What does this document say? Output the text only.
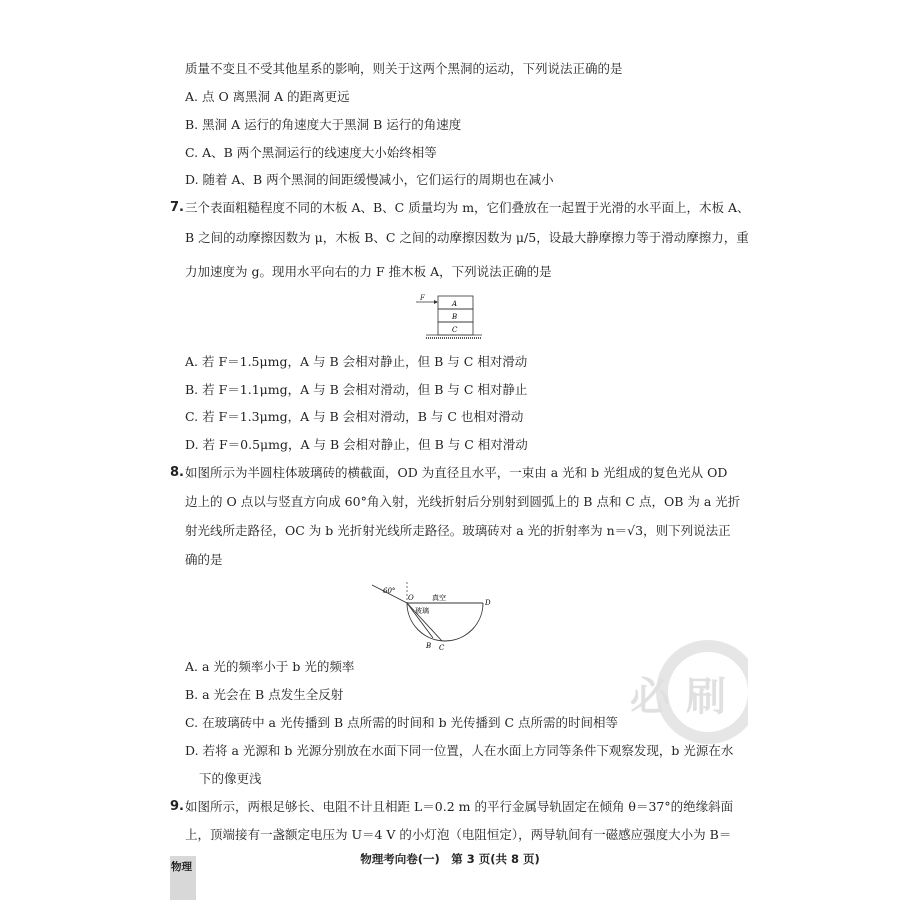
质量不变且不受其他星系的影响，则关于这两个黑洞的运动，下列说法正确的是
A. 点 O 离黑洞 A 的距离更远
B. 黑洞 A 运行的角速度大于黑洞 B 运行的角速度
C. A、B 两个黑洞运行的线速度大小始终相等
D. 随着 A、B 两个黑洞的间距缓慢减小，它们运行的周期也在减小
7. 三个表面粗糙程度不同的木板 A、B、C 质量均为 m，它们叠放在一起置于光滑的水平面上，木板 A、
B 之间的动摩擦因数为 μ，木板 B、C 之间的动摩擦因数为 μ/5，设最大静摩擦力等于滑动摩擦力，重
力加速度为 g。现用水平向右的力 F 推木板 A，下列说法正确的是
F
A
B
C
A. 若 F＝1.5μmg，A 与 B 会相对静止，但 B 与 C 相对滑动
B. 若 F＝1.1μmg，A 与 B 会相对滑动，但 B 与 C 相对静止
C. 若 F＝1.3μmg，A 与 B 会相对滑动，B 与 C 也相对滑动
D. 若 F＝0.5μmg，A 与 B 会相对静止，但 B 与 C 相对滑动
8. 如图所示为半圆柱体玻璃砖的横截面，OD 为直径且水平，一束由 a 光和 b 光组成的复色光从 OD
边上的 O 点以与竖直方向成 60°角入射，光线折射后分别射到圆弧上的 B 点和 C 点，OB 为 a 光折
射光线所走路径，OC 为 b 光折射光线所走路径。玻璃砖对 a 光的折射率为 n＝√3，则下列说法正
确的是
60°
O	真空
D
玻璃
B C
A. a 光的频率小于 b 光的频率
B. a 光会在 B 点发生全反射
C. 在玻璃砖中 a 光传播到 B 点所需的时间和 b 光传播到 C 点所需的时间相等
D. 若将 a 光源和 b 光源分别放在水面下同一位置，人在水面上方同等条件下观察发现，b 光源在水
下的像更浅
9. 如图所示，两根足够长、电阻不计且相距 L＝0.2 m 的平行金属导轨固定在倾角 θ＝37°的绝缘斜面
上，顶端接有一盏额定电压为 U＝4 V 的小灯泡（电阻恒定），两导轨间有一磁感应强度大小为 B＝
物理考向卷(一)　第 3 页(共 8 页)
物理
必 刷
